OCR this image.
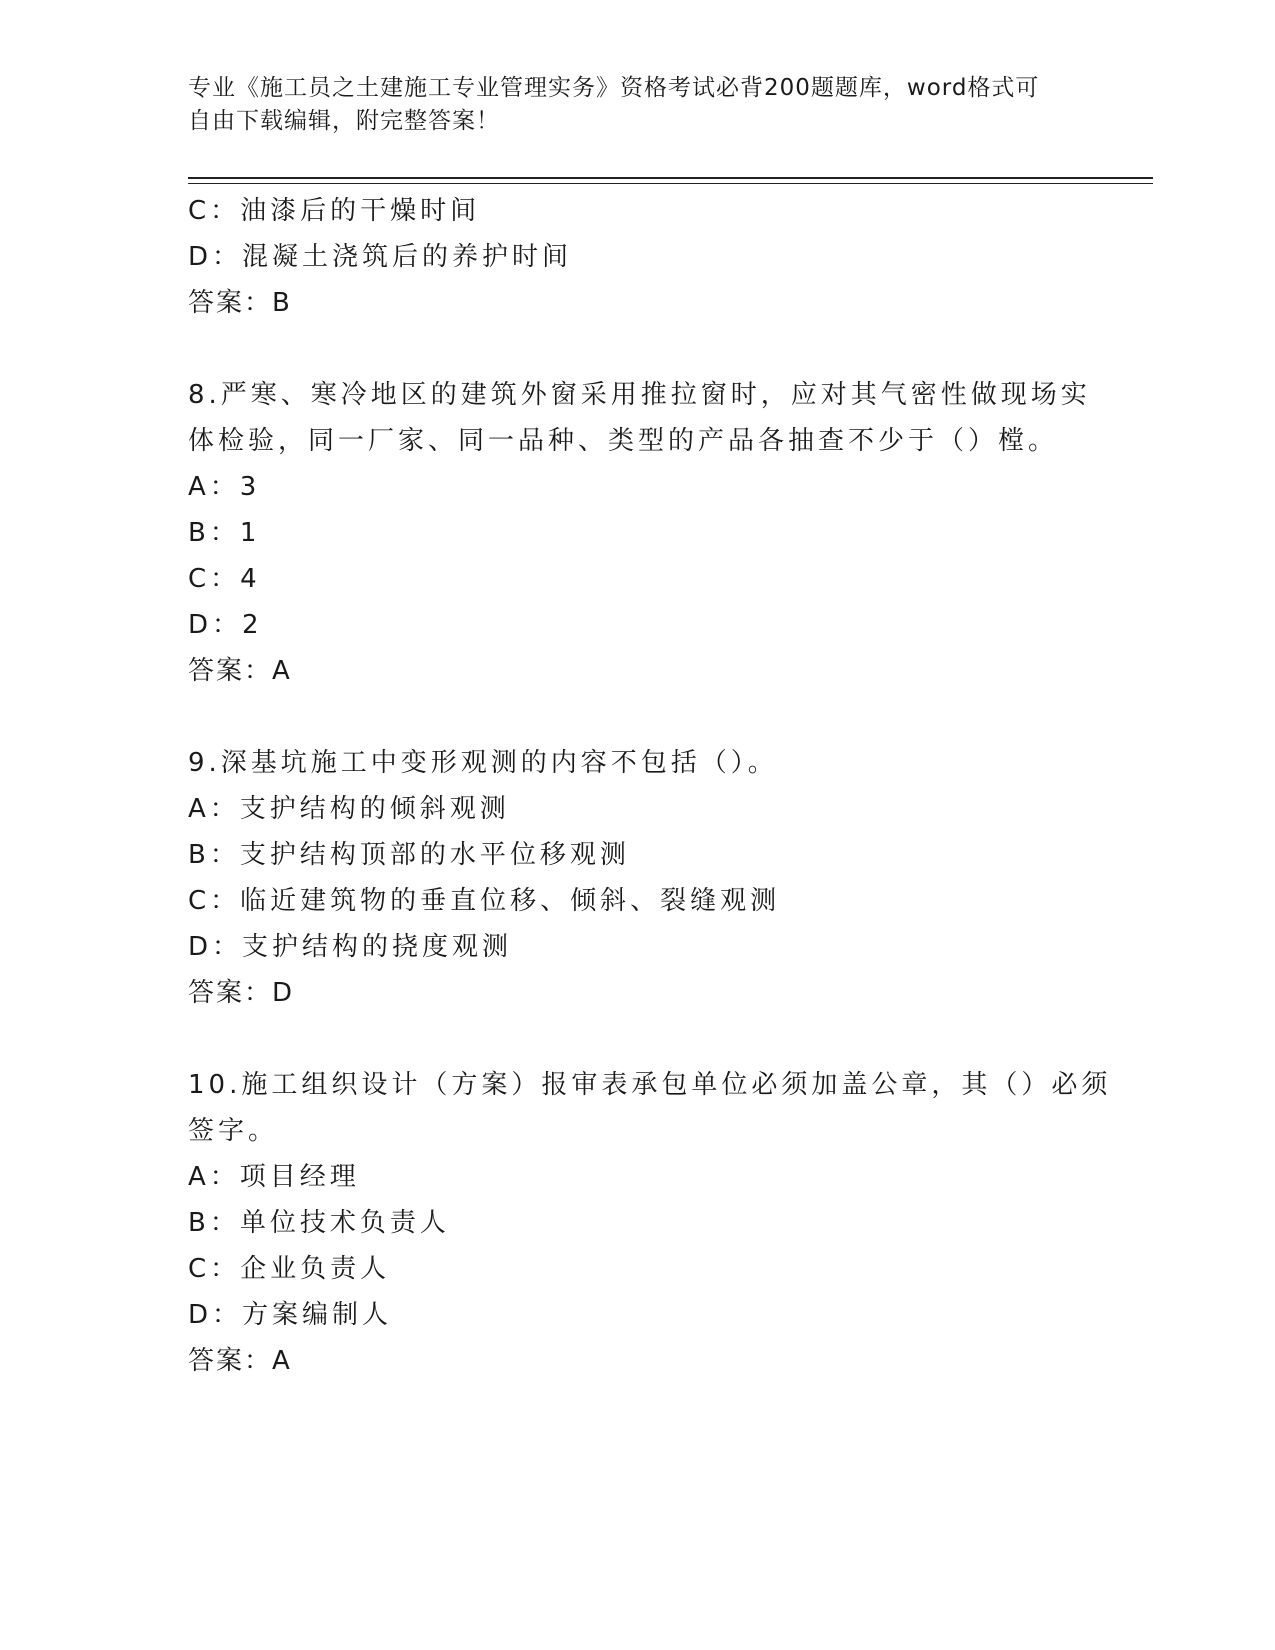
专业《施工员之土建施工专业管理实务》资格考试必背200题题库，word格式可
自由下载编辑，附完整答案！
C：油漆后的干燥时间
D：混凝土浇筑后的养护时间
答案：B
8.严寒、寒冷地区的建筑外窗采用推拉窗时，应对其气密性做现场实
体检验，同一厂家、同一品种、类型的产品各抽查不少于（）樘。
A：3
B：1
C：4
D：2
答案：A
9.深基坑施工中变形观测的内容不包括（）。
A：支护结构的倾斜观测
B：支护结构顶部的水平位移观测
C：临近建筑物的垂直位移、倾斜、裂缝观测
D：支护结构的挠度观测
答案：D
10.施工组织设计（方案）报审表承包单位必须加盖公章，其（）必须
签字。
A：项目经理
B：单位技术负责人
C：企业负责人
D：方案编制人
答案：A
